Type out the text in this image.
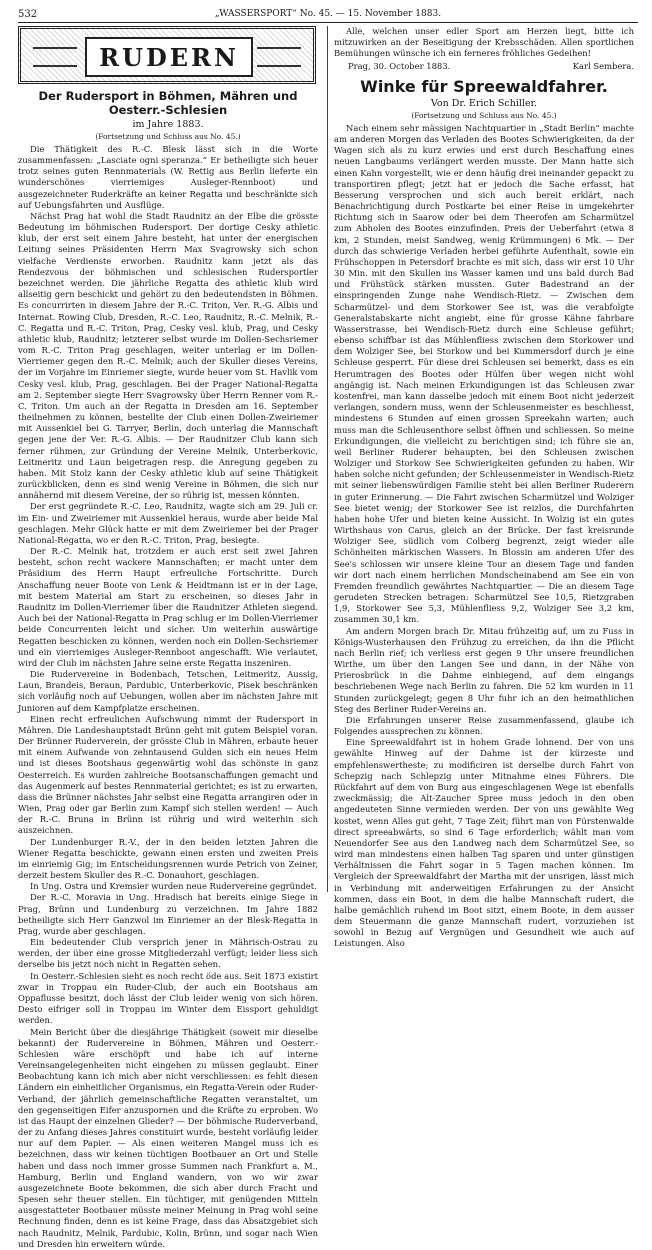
532	„WASSERSPORT“ No. 45. — 15. November 1883.
RUDERN
Der Rudersport in Böhmen, Mähren und Oesterr.-Schlesien

im Jahre 1883.

(Fortsetzung und Schluss aus No. 45.)

Die Thätigkeit des R.-C. Blesk lässt sich in die Worte zusammenfassen: „Lasciate ogni speranza.“ Er betheiligte sich heuer trotz seines guten Rennmaterials (W. Rettig aus Berlin lieferte ein wunderschönes vierriemiges Ausleger-Rennboot) und ausgezeichneter Ruderkräfte an keiner Regatta und beschränkte sich auf Uebungsfahrten und Ausflüge.

Nächst Prag hat wohl die Stadt Raudnitz an der Elbe die grösste Bedeutung im böhmischen Rudersport. Der dortige Cesky athletic klub, der erst seit einem Jahre besteht, hat unter der energischen Leitung seines Präsidenten Herrn Max Svagrowsky sich schon vielfache Verdienste erworben. Raudnitz kann jetzt als das Rendezvous der böhmischen und schlesischen Rudersportler bezeichnet werden. Die jährliche Regatta des athletic klub wird allseitig gern beschickt und gehört zu den bedeutendsten in Böhmen. Es concurrirten in diesem Jahre der R.-C. Triton, Ver. R.-G. Albis und Internat. Rowing Club, Dresden, R.-C. Leo, Raudnitz, R.-C. Melnik, R.-C. Regatta und R.-C. Triton, Prag, Cesky vesl. klub, Prag, und Cesky athletic klub, Raudnitz; letzterer selbst wurde im Dollen-Sechsriemer vom R.-C. Triton Prag geschlagen, weiter unterlag er im Dollen-Vierriemer gegen den R.-C. Melnik; auch der Skuller dieses Vereins, der im Vorjahre im Einriemer siegte, wurde heuer vom St. Havlik vom Cesky vesl. klub, Prag, geschlagen. Bei der Prager National-Regatta am 2. September siegte Herr Svagrowsky über Herrn Renner vom R.-C. Triton. Um auch an der Regatta in Dresden am 16. September theilnehmen zu können, bestellte der Club einen Dollen-Zweiriemer mit Aussenkiel bei G. Tarryer, Berlin, doch unterlag die Mannschaft gegen jene der Ver. R.-G. Albis. — Der Raudnitzer Club kann sich ferner rühmen, zur Gründung der Vereine Melnik, Unterberkovic, Leitmeritz und Laun beigetragen resp. die Anregung gegeben zu haben. Mit Stolz kann der Cesky athletic klub auf seine Thätigkeit zurückblicken, denn es sind wenig Vereine in Böhmen, die sich nur annähernd mit diesem Vereine, der so rührig ist, messen könnten.

Der erst gegründete R.-C. Leo, Raudnitz, wagte sich am 29. Juli cr. im Ein- und Zweiriemer mit Aussenkiel heraus, wurde aber beide Mal geschlagen. Mehr Glück hatte er mit dem Zweiriemer bei der Prager National-Regatta, wo er den R.-C. Triton, Prag, besiegte.

Der R.-C. Melnik hat, trotzdem er auch erst seit zwei Jahren besteht, schon recht wackere Mannschaften; er macht unter dem Präsidium des Herrn Haupt erfreuliche Fortschritte. Durch Anschaffung neuer Boote von Lenk & Heidtmann ist er in der Lage, mit bestem Material am Start zu erscheinen, so dieses Jahr in Raudnitz im Dollen-Vierriemer über die Raudnitzer Athleten siegend. Auch bei der National-Regatta in Prag schlug er im Dollen-Vierriemer beide Concurrenten leicht und sicher. Um weiterhin auswärtige Regatten beschicken zu können, werden noch ein Dollen-Sechsriemer und ein vierriemiges Ausleger-Rennboot angeschafft. Wie verlautet, wird der Club im nächsten Jahre seine erste Regatta inszeniren.

Die Rudervereine in Bodenbach, Tetschen, Leitmeritz, Aussig, Laun, Brandeis, Beraun, Pardubic, Unterberkovic, Pisek beschränken sich vorläufig noch auf Uebungen, wollen aber im nächsten Jahre mit Junioren auf dem Kampfplatze erscheinen.

Einen recht erfreulichen Aufschwung nimmt der Rudersport in Mähren. Die Landeshauptstadt Brünn geht mit gutem Beispiel voran. Der Brünner Ruderverein, der grösste Club in Mähren, erbaute heuer mit einem Aufwande von zehntausend Gulden sich ein neues Heim und ist dieses Bootshaus gegenwärtig wohl das schönste in ganz Oesterreich. Es wurden zahlreiche Bootsanschaffungen gemacht und das Augenmerk auf bestes Rennmaterial gerichtet; es ist zu erwarten, dass die Brünner nächstes Jahr selbst eine Regatta arrangiren oder in Wien, Prag oder gar Berlin zum Kampf sich stellen werden! — Auch der R.-C. Bruna in Brünn ist rührig und wird weiterhin sich auszeichnen.

Der Lundenburger R.-V., der in den beiden letzten Jahren die Wiener Regatta beschickte, gewann einen ersten und zweiten Preis im einriemig Gig; im Entscheidungsrennen wurde Petrich von Zeiner, derzeit bestem Skuller des R.-C. Donauhort, geschlagen.

In Ung. Ostra und Kremsier wurden neue Rudervereine gegründet.

Der R.-C. Moravia in Ung. Hradisch hat bereits einige Siege in Prag, Brünn und Lundenburg zu verzeichnen. Im Jahre 1882 betheiligte sich Herr Ganzwol im Einriemer an der Blesk-Regatta in Prag, wurde aber geschlagen.

Ein bedeutender Club versprich jener in Mährisch-Ostrau zu werden, der über eine grosse Mitgliederzahl verfügt; leider liess sich derselbe bis jetzt noch nicht in Regatten sehen.

In Oesterr.-Schlesien sieht es noch recht öde aus. Seit 1873 existirt zwar in Troppau ein Ruder-Club, der auch ein Bootshaus am Oppaflusse besitzt, doch lässt der Club leider wenig von sich hören. Desto eifriger soll in Troppau im Winter dem Eissport gehuldigt werden.

Mein Bericht über die diesjährige Thätigkeit (soweit mir dieselbe bekannt) der Rudervereine in Böhmen, Mähren und Oesterr.-Schlesien wäre erschöpft und habe ich auf interne Vereinsangelegenheiten nicht eingehen zu müssen geglaubt. Einer Beobachtung kann ich mich aber nicht verschliessen: es fehlt diesen Ländern ein einheitlicher Organismus, ein Regatta-Verein oder Ruder-Verband, der jährlich gemeinschaftliche Regatten veranstaltet, um den gegenseitigen Eifer anzuspornen und die Kräfte zu erproben. Wo ist das Haupt der einzelnen Glieder? — Der böhmische Ruderverband, der zu Anfang dieses Jahres constituirt wurde, besteht vorläufig leider nur auf dem Papier. — Als einen weiteren Mangel muss ich es bezeichnen, dass wir keinen tüchtigen Bootbauer an Ort und Stelle haben und dass noch immer grosse Summen nach Frankfurt a. M., Hamburg, Berlin und England wandern, von wo wir zwar ausgezeichnete Boote bekommen, die sich aber durch Fracht und Spesen sehr theuer stellen. Ein tüchtiger, mit genügenden Mitteln ausgestatteter Bootbauer müsste meiner Meinung in Prag wohl seine Rechnung finden, denn es ist keine Frage, dass das Absatzgebiet sich nach Raudnitz, Melnik, Pardubic, Kolin, Brünn, und sogar nach Wien und Dresden hin erweitern würde.

Alle, welchen unser edler Sport am Herzen liegt, bitte ich mitzuwirken an der Beseitigung der Krebsschäden. Allen sportlichen Bemühungen wünsche ich ein ferneres fröhliches Gedeihen!

Prag, 30. October 1883.	Karl Sembera.
Winke für Spreewaldfahrer.

Von Dr. Erich Schiller.

(Fortsetzung und Schluss aus No. 45.)

Nach einem sehr mässigen Nachtquartier in „Stadt Berlin“ machte am anderen Morgen das Verladen des Bootes Schwierigkeiten, da der Wagen sich als zu kurz erwies und erst durch Beschaffung eines neuen Langbaums verlängert werden musste. Der Mann hatte sich einen Kahn vorgestellt, wie er denn häufig drei ineinander gepackt zu transportiren pflegt; jetzt hat er jedoch die Sache erfasst, hat Besserung versprochen und sich auch bereit erklärt, nach Benachrichtigung durch Postkarte bei einer Reise in umgekehrter Richtung sich in Saarow oder bei dem Theerofen am Scharmützel zum Abholen des Bootes einzufinden. Preis der Ueberfahrt (etwa 8 km, 2 Stunden, meist Sandweg, wenig Krümmungen) 6 Mk. — Der durch das schwierige Verladen herbei geführte Aufenthalt, sowie ein Frühschoppen in Petersdorf brachte es mit sich, dass wir erst 10 Uhr 30 Min. mit den Skullen ins Wasser kamen und uns bald durch Bad und Frühstück stärken mussten. Guter Badestrand an der einspringenden Zunge nahe Wendisch-Rietz. — Zwischen dem Scharmützel- und dem Storkower See ist, was die verabfolgte Generalstabskarte nicht angiebt, eine für grosse Kähne fahrbare Wasserstrasse, bei Wendisch-Rietz durch eine Schleuse geführt; ebenso schiffbar ist das Mühlenfliess zwischen dem Storkower und dem Wolziger See, bei Storkow und bei Kummersdorf durch je eine Schleuse gesperrt. Für diese drei Schleusen sei bemerkt, dass es ein Herumtragen des Bootes oder Hülfen über wegen nicht wohl angängig ist. Nach meinen Erkundigungen ist das Schleusen zwar kostenfrei, man kann dasselbe jedoch mit einem Boot nicht jederzeit verlangen, sondern muss, wenn der Schleusenmeister es beschliesst, mindestens 6 Stunden auf einen grossen Spreekahn warten; auch muss man die Schleusenthore selbst öffnen und schliessen. So meine Erkundigungen, die vielleicht zu berichtigen sind; ich führe sie an, weil Berliner Ruderer behaupten, bei den Schleusen zwischen Wolziger und Storkow See Schwierigkeiten gefunden zu haben. Wir haben solche nicht gefunden; der Schleusenmeister in Wendisch-Rietz mit seiner liebenswürdigen Familie steht bei allen Berliner Ruderern in guter Erinnerung. — Die Fahrt zwischen Scharmützel und Wolziger See bietet wenig; der Storkower See ist reizlos, die Durchfahrten haben hohe Ufer und bieten keine Aussicht. In Wolzig ist ein gutes Wirthshaus von Carus, gleich an der Brücke. Der fast kreisrunde Wolziger See, südlich vom Colberg begrenzt, zeigt wieder alle Schönheiten märkischen Wassers. In Blossin am anderen Ufer des See's schlossen wir unsere kleine Tour an diesem Tage und fanden wir dort nach einem herrlichen Mondscheinabend am See ein von Fremden freundlich gewährtes Nachtquartier. — Die an diesem Tage gerudeten Strecken betragen: Scharmützel See 10,5, Rietzgraben 1,9, Storkower See 5,3, Mühlenfliess 9,2, Wolziger See 3,2 km, zusammen 30,1 km.

Am andern Morgen brach Dr. Mitau frühzeitig auf, um zu Fuss in Königs-Wusterhausen den Frühzug zu erreichen, da ihn die Pflicht nach Berlin rief; ich verliess erst gegen 9 Uhr unsere freundlichen Wirthe, um über den Langen See und dann, in der Nähe von Prierosbrück in die Dahme einbiegend, auf dem eingangs beschriebenen Wege nach Berlin zu fahren. Die 52 km wurden in 11 Stunden zurückgelegt; gegen 8 Uhr fuhr ich an den heimathlichen Steg des Berliner Ruder-Vereins an.

Die Erfahrungen unserer Reise zusammenfassend, glaube ich Folgendes aussprechen zu können.

Eine Spreewaldfahrt ist in hohem Grade lohnend. Der von uns gewählte Hinweg auf der Dahme ist der kürzeste und empfehlenswertheste; zu modificiren ist derselbe durch Fahrt von Schepzig nach Schlepzig unter Mitnahme eines Führers. Die Rückfahrt auf dem von Burg aus eingeschlagenen Wege ist ebenfalls zweckmässig; die Alt-Zaucher Spree muss jedoch in den oben angedeuteten Sinne vermieden werden. Der von uns gewählte Weg kostet, wenn Alles gut geht, 7 Tage Zeit; führt man von Fürstenwalde direct spreeabwärts, so sind 6 Tage erforderlich; wählt man vom Neuendorfer See aus den Landweg nach dem Scharmützel See, so wird man mindestens einen halben Tag sparen und unter günstigen Verhältnissen die Fahrt sogar in 5 Tagen machen können. Im Vergleich der Spreewaldfahrt der Martha mit der unsrigen, lässt mich in Verbindung mit anderweitigen Erfahrungen zu der Ansicht kommen, dass ein Boot, in dem die halbe Mannschaft rudert, die halbe gemächlich ruhend im Boot sitzt, einem Boote, in dem ausser dem Steuermann die ganze Mannschaft rudert, vorzuziehen ist sowohl in Bezug auf Vergnügen und Gesundheit wie auch auf Leistungen. Also
